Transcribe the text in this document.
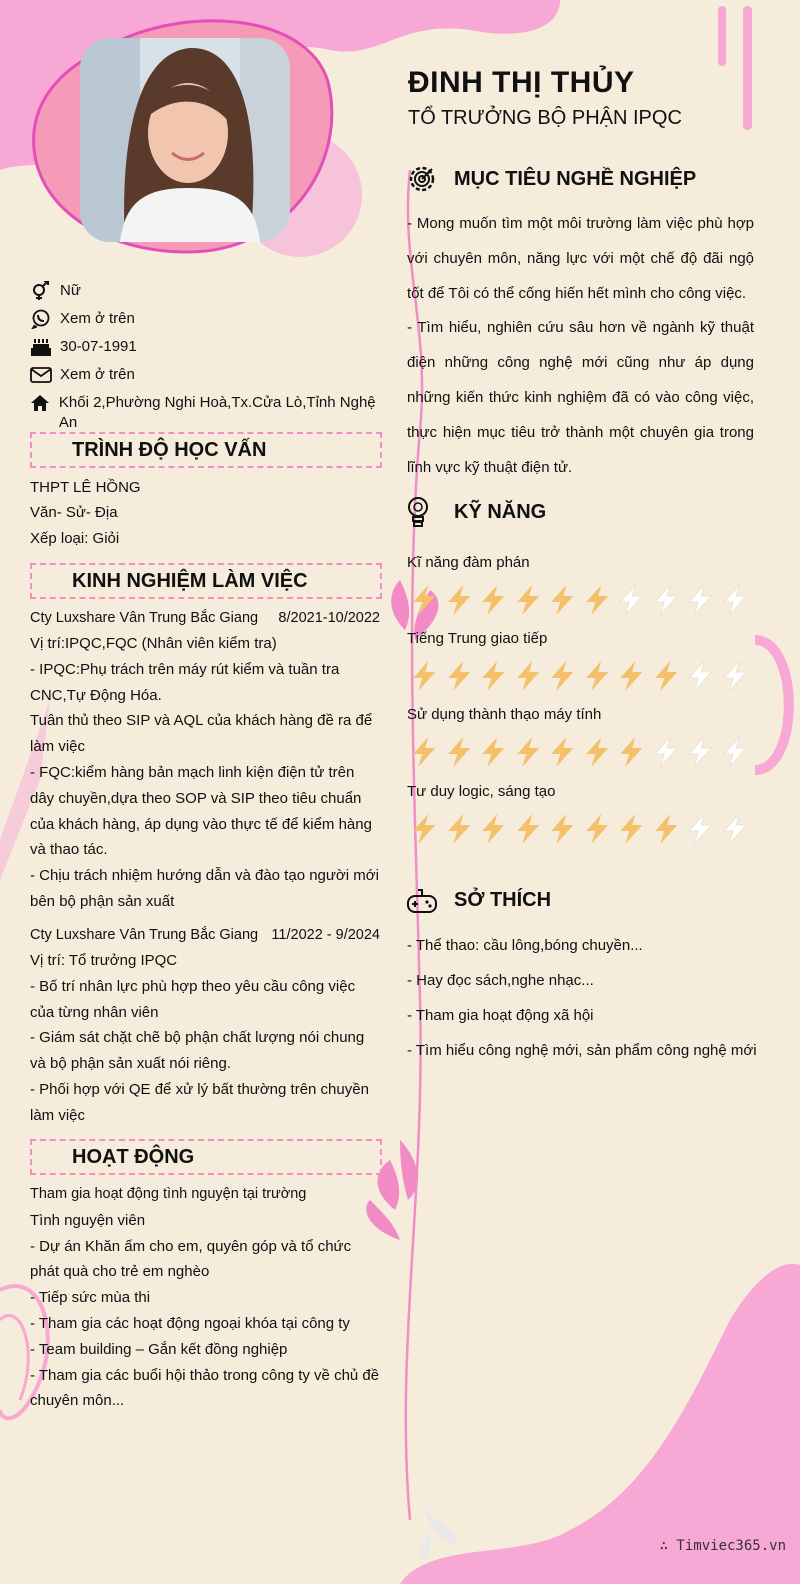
ĐINH THỊ THỦY
TỔ TRƯỞNG BỘ PHẬN IPQC
Nữ
Xem ở trên
30-07-1991
Xem ở trên
Khối 2,Phường Nghi Hoà,Tx.Cửa Lò,Tỉnh Nghệ An
TRÌNH ĐỘ HỌC VẤN
THPT LÊ HỒNG
Văn- Sử- Địa
Xếp loại: Giỏi
KINH NGHIỆM LÀM VIỆC
Cty Luxshare Vân Trung Bắc Giang 8/2021-10/2022
Vị trí:IPQC,FQC (Nhân viên kiểm tra)
- IPQC:Phụ trách trên máy rút kiểm và tuần tra CNC,Tự Động Hóa.
Tuân thủ theo SIP và AQL của khách hàng đề ra để làm việc
- FQC:kiểm hàng bản mạch linh kiện điện tử trên dây chuyền,dựa theo SOP và SIP theo tiêu chuẩn của khách hàng, áp dụng vào thực tế để kiểm hàng và thao tác.
- Chịu trách nhiệm hướng dẫn và đào tạo người mới bên bộ phận sản xuất
Cty Luxshare Vân Trung Bắc Giang 11/2022 - 9/2024
Vị trí: Tổ trưởng IPQC
- Bố trí nhân lực phù hợp theo yêu cầu công việc của từng nhân viên
- Giám sát chặt chẽ bộ phận chất lượng nói chung và bộ phận sản xuất nói riêng.
- Phối hợp với QE để xử lý bất thường trên chuyền làm việc
HOẠT ĐỘNG
Tham gia hoạt động tình nguyện tại trường
Tình nguyện viên
- Dự án Khăn ấm cho em, quyên góp và tổ chức phát quà cho trẻ em nghèo
- Tiếp sức mùa thi
- Tham gia các hoạt động ngoại khóa tại công ty
- Team building – Gắn kết đồng nghiệp
- Tham gia các buổi hội thảo trong công ty về chủ đề chuyên môn...
MỤC TIÊU NGHỀ NGHIỆP

- Mong muốn tìm một môi trường làm việc phù hợp với chuyên môn, năng lực với một chế độ đãi ngộ tốt để Tôi có thể cống hiến hết mình cho công việc.

- Tìm hiểu, nghiên cứu sâu hơn về ngành kỹ thuật điện những công nghệ mới cũng như áp dụng những kiến thức kinh nghiệm đã có vào công việc, thực hiện mục tiêu trở thành một chuyên gia trong lĩnh vực kỹ thuật điện tử.

KỸ NĂNG
Kĩ năng đàm phán
Tiếng Trung giao tiếp
Sử dụng thành thạo máy tính
Tư duy logic, sáng tạo
SỞ THÍCH
- Thể thao: cầu lông,bóng chuyền...
- Hay đọc sách,nghe nhạc...
- Tham gia hoạt động xã hội
- Tìm hiểu công nghệ mới, sản phẩm công nghệ mới
∴ Timviec365.vn
